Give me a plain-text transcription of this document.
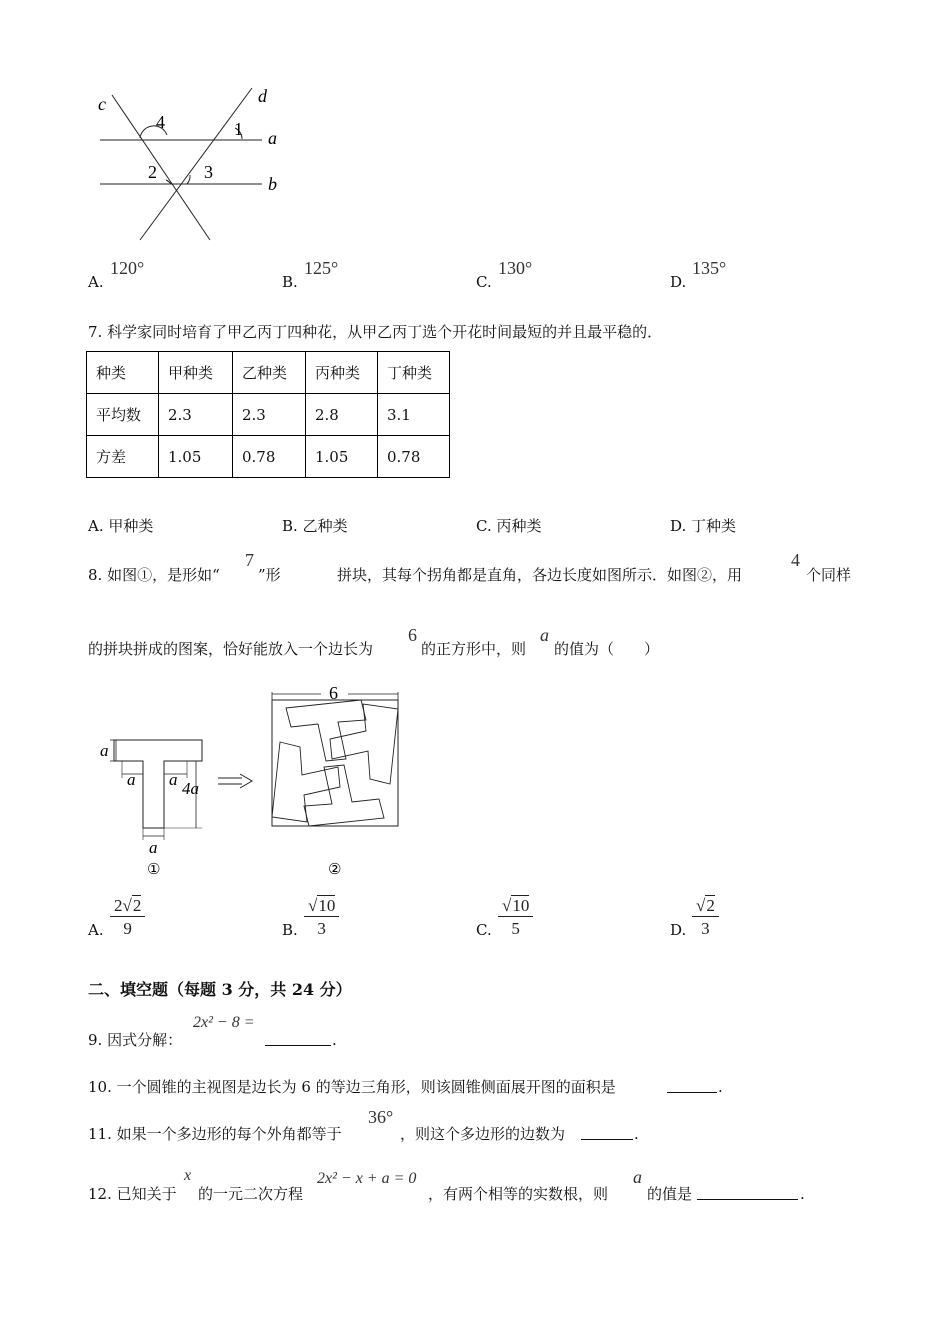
c	d
a
b
4	1
2	3
A.
120°
B.
125°
C.
130°
D.
135°
7. 科学家同时培育了甲乙丙丁四种花，从甲乙丙丁选个开花时间最短的并且最平稳的．
种类	甲种类	乙种类	丙种类	丁种类
平均数	2.3	2.3	2.8	3.1
方差	1.05	0.78	1.05	0.78
A. 甲种类	B. 乙种类	C. 丙种类	D. 丁种类
8. 如图①，是形如“
7
”形	拼块，其每个拐角都是直角，各边长度如图所示．如图②，用
4
个同样
的拼块拼成的图案，恰好能放入一个边长为
6
的正方形中，则
a
的值为（　　）
a
a a 4a
a
①
6
②
A. $\frac{2√2}{9}$	B. $\frac{√10}{3}$	C. $\frac{√10}{5}$	D. $\frac{√2}{3}$
二、填空题（每题 3 分，共 24 分）
9. 因式分解：
2x² − 8 =
.
10. 一个圆锥的主视图是边长为 6 的等边三角形，则该圆锥侧面展开图的面积是	.
11. 如果一个多边形的每个外角都等于
36°
，则这个多边形的边数为	.
12. 已知关于
x
的一元二次方程
2x² − x + a = 0
，有两个相等的实数根，则
a
的值是	.
